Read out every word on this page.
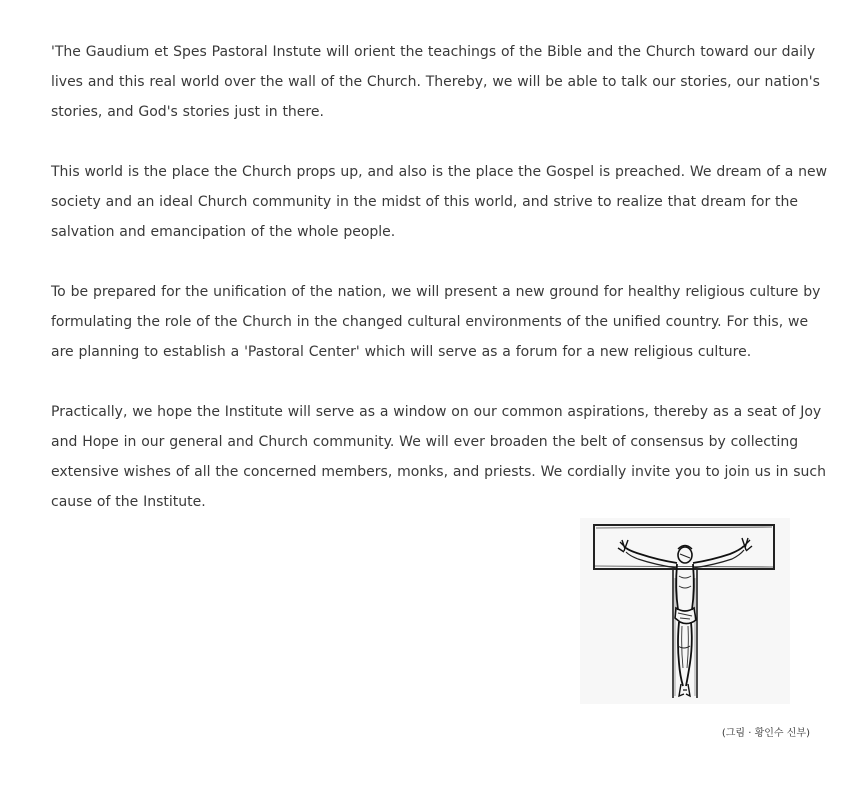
'The Gaudium et Spes Pastoral Instute will orient the teachings of the Bible and the Church toward our daily lives and this real world over the wall of the Church. Thereby, we will be able to talk our stories, our nation's stories, and God's stories just in there.

This world is the place the Church props up, and also is the place the Gospel is preached. We dream of a new society and an ideal Church community in the midst of this world, and strive to realize that dream for the salvation and emancipation of the whole people.

To be prepared for the unification of the nation, we will present a new ground for healthy religious culture by formulating the role of the Church in the changed cultural environments of the unified country. For this, we are planning to establish a 'Pastoral Center' which will serve as a forum for a new religious culture.

Practically, we hope the Institute will serve as a window on our common aspirations, thereby as a seat of Joy and Hope in our general and Church community. We will ever broaden the belt of consensus by collecting extensive wishes of all the concerned members, monks, and priests. We cordially invite you to join us in such cause of the Institute.

(그림 · 황인수 신부)
